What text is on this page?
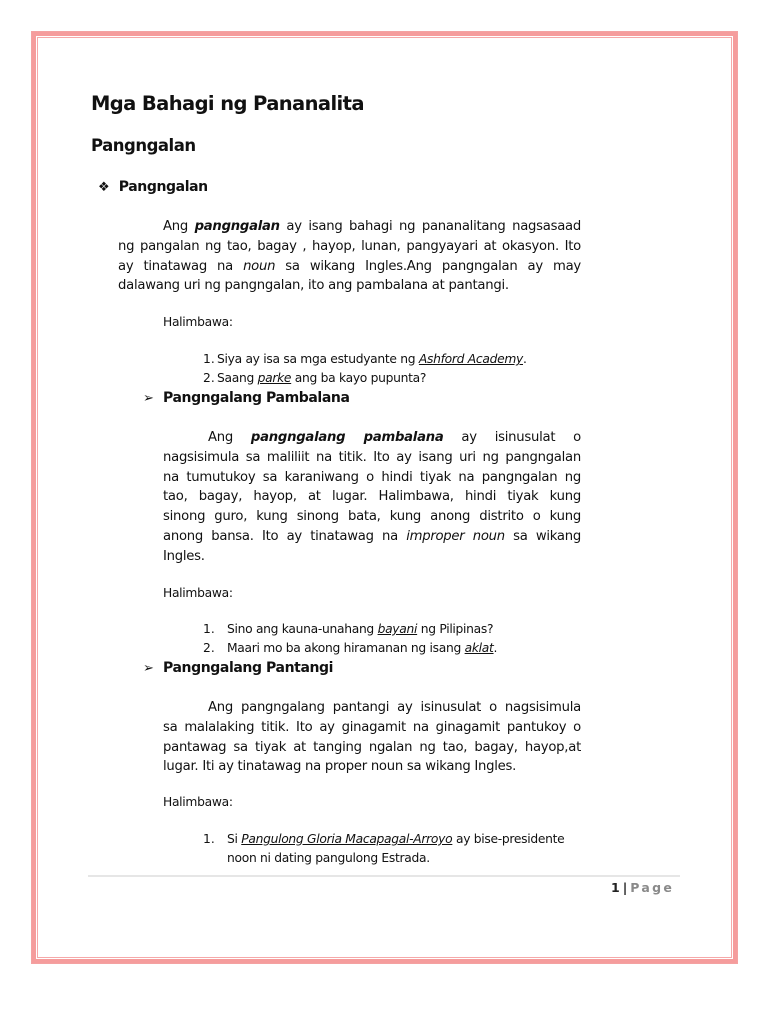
Mga Bahagi ng Pananalita
Pangngalan
❖ Pangngalan
Ang pangngalan ay isang bahagi ng pananalitang nagsasaad
ng pangalan ng tao, bagay , hayop, lunan, pangyayari at okasyon. Ito
ay tinatawag na noun sa wikang Ingles.Ang pangngalan ay may
dalawang uri ng pangngalan, ito ang pambalana at pantangi.
Halimbawa:
➢ Pangngalang Pambalana
Ang pangngalang pambalana ay isinusulat o
nagsisimula sa maliliit na titik. Ito ay isang uri ng pangngalan
na tumutukoy sa karaniwang o hindi tiyak na pangngalan ng
tao, bagay, hayop, at lugar. Halimbawa, hindi tiyak kung
sinong guro, kung sinong bata, kung anong distrito o kung
anong bansa. Ito ay tinatawag na improper noun sa wikang
Ingles.
Halimbawa:
➢ Pangngalang Pantangi
Ang pangngalang pantangi ay isinusulat o nagsisimula
sa malalaking titik. Ito ay ginagamit na ginagamit pantukoy o
pantawag sa tiyak at tanging ngalan ng tao, bagay, hayop,at
lugar. Iti ay tinatawag na proper noun sa wikang Ingles.
Halimbawa:
1 | Page
1. Siya ay isa sa mga estudyante ng Ashford Academy.
2. Saang parke ang ba kayo pupunta?
1. Sino ang kauna-unahang bayani ng Pilipinas?
2. Maari mo ba akong hiramanan ng isang aklat.
1. Si Pangulong Gloria Macapagal-Arroyo ay bise-presidente
noon ni dating pangulong Estrada.
